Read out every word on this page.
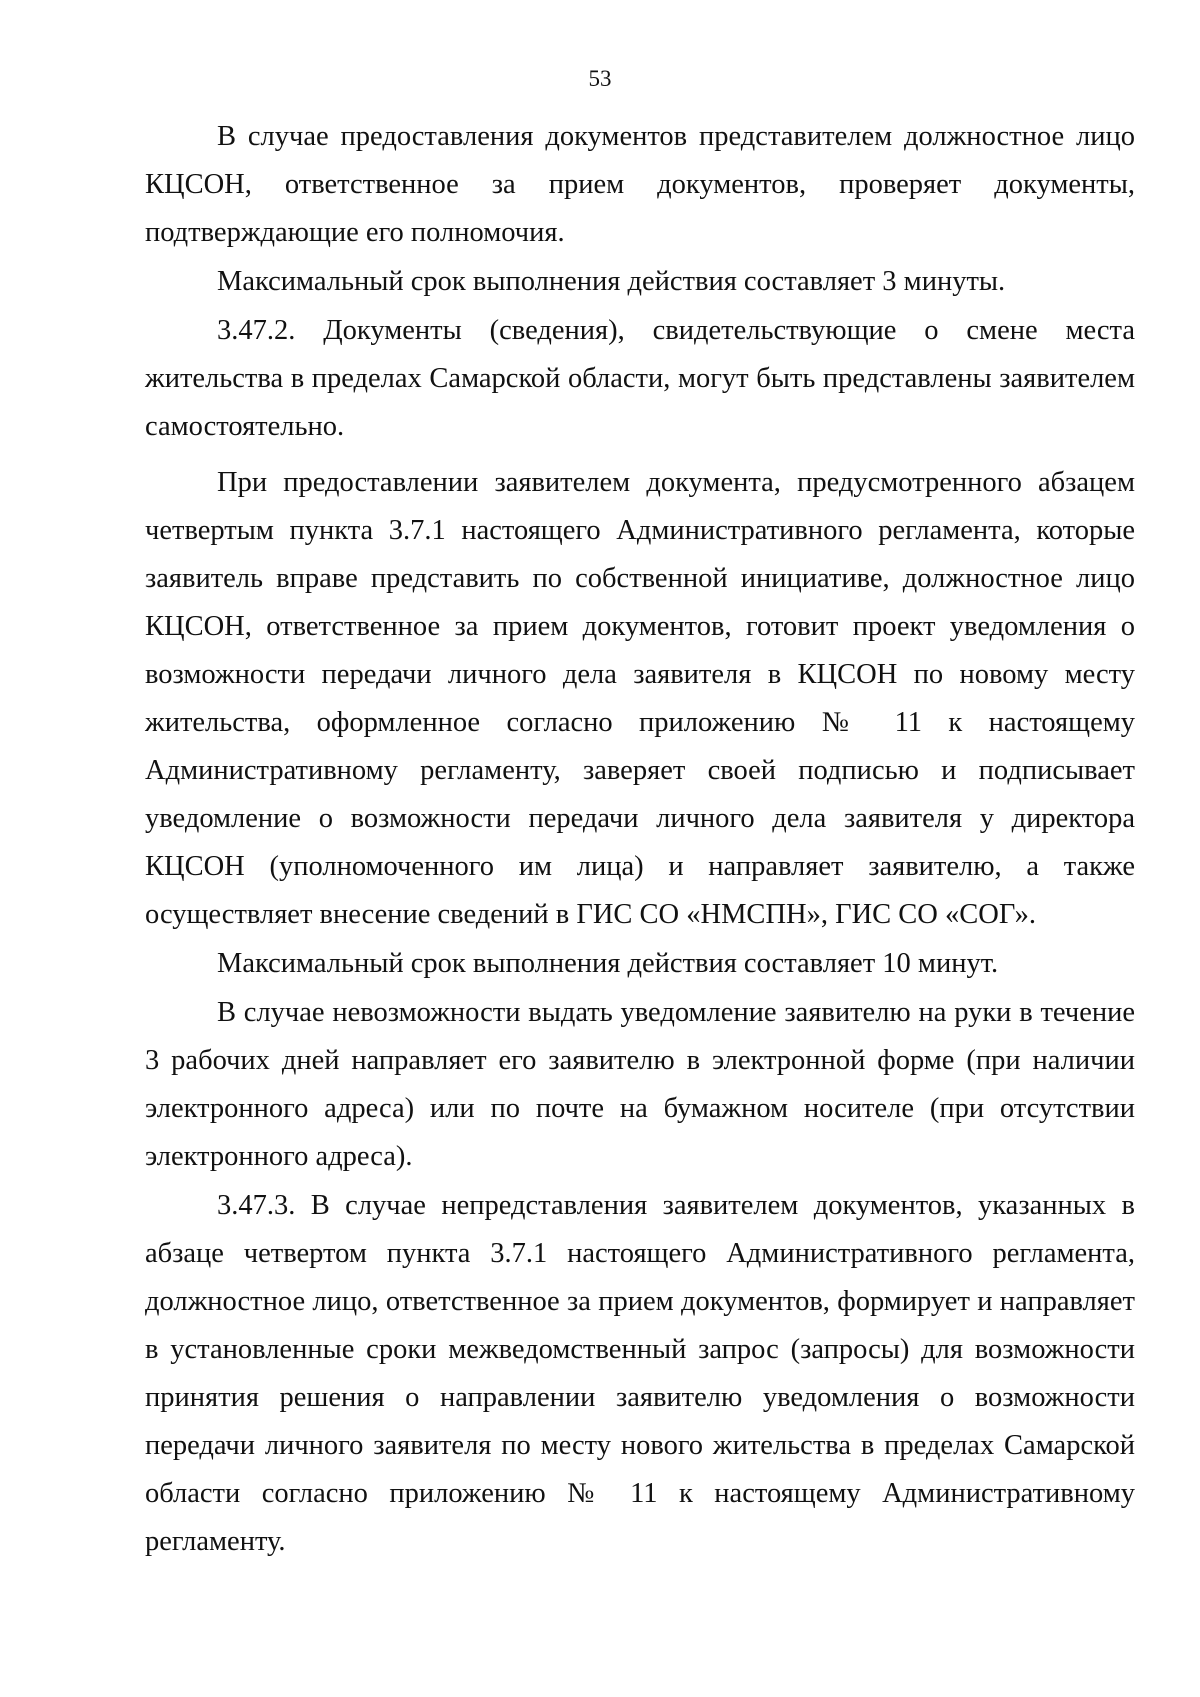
53

В случае предоставления документов представителем должностное лицо КЦСОН, ответственное за прием документов, проверяет документы, подтверждающие его полномочия.

Максимальный срок выполнения действия составляет 3 минуты.

3.47.2. Документы (сведения), свидетельствующие о смене места жительства в пределах Самарской области, могут быть представлены заявителем самостоятельно.

При предоставлении заявителем документа, предусмотренного абзацем четвертым пункта 3.7.1 настоящего Административного регламента, которые заявитель вправе представить по собственной инициативе, должностное лицо КЦСОН, ответственное за прием документов, готовит проект уведомления о возможности передачи личного дела заявителя в КЦСОН по новому месту жительства, оформленное согласно приложению № 11 к настоящему Административному регламенту, заверяет своей подписью и подписывает уведомление о возможности передачи личного дела заявителя у директора КЦСОН (уполномоченного им лица) и направляет заявителю, а также осуществляет внесение сведений в ГИС СО «НМСПН», ГИС СО «СОГ».

Максимальный срок выполнения действия составляет 10 минут.

В случае невозможности выдать уведомление заявителю на руки в течение 3 рабочих дней направляет его заявителю в электронной форме (при наличии электронного адреса) или по почте на бумажном носителе (при отсутствии электронного адреса).

3.47.3. В случае непредставления заявителем документов, указанных в абзаце четвертом пункта 3.7.1 настоящего Административного регламента, должностное лицо, ответственное за прием документов, формирует и направляет в установленные сроки межведомственный запрос (запросы) для возможности принятия решения о направлении заявителю уведомления о возможности передачи личного заявителя по месту нового жительства в пределах Самарской области согласно приложению № 11 к настоящему Административному регламенту.
